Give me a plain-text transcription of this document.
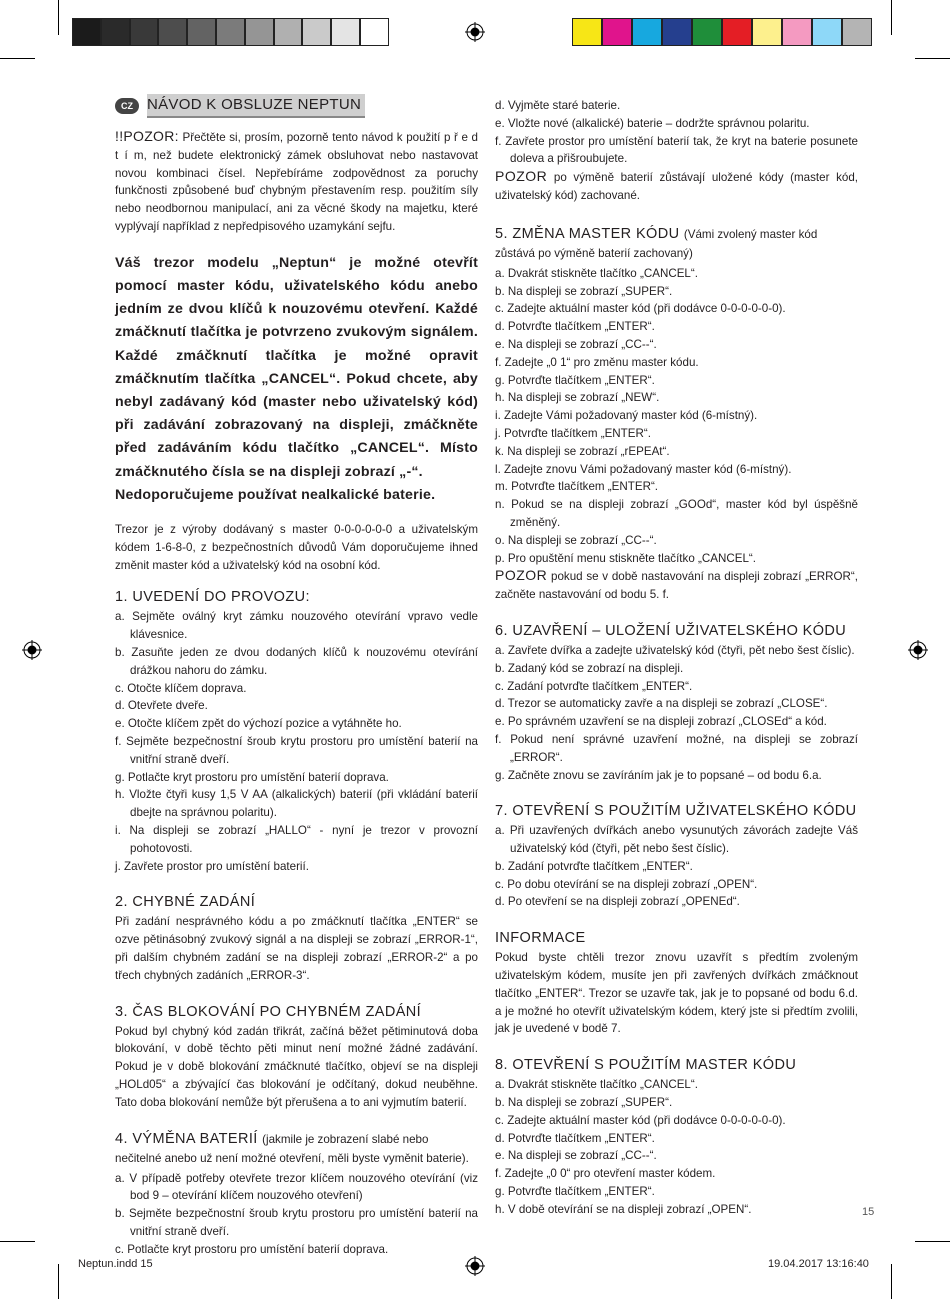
CZ NÁVOD K OBSLUZE NEPTUN

!!POZOR: Přečtěte si, prosím, pozorně tento návod k použití p ř e d t í m, než budete elektronický zámek obsluhovat nebo nastavovat novou kombinaci čísel. Nepřebíráme zodpovědnost za poruchy funkčnosti způsobené buď chybným přestavením resp. použitím síly nebo neodbornou manipulací, ani za věcné škody na majetku, které vyplývají například z nepředpisového uzamykání sejfu.

Váš trezor modelu „Neptun“ je možné otevřít pomocí master kódu, uživatelského kódu anebo jedním ze dvou klíčů k nouzovému otevření. Každé zmáčknutí tlačítka je potvrzeno zvukovým signálem. Každé zmáčknutí tlačítka je možné opravit zmáčknutím tlačítka „CANCEL“. Pokud chcete, aby nebyl zadávaný kód (master nebo uživatelský kód) při zadávání zobrazovaný na displeji, zmáčkněte před zadáváním kódu tlačítko „CANCEL“. Místo zmáčknutého čísla se na displeji zobrazí „-“.

Nedoporučujeme používat nealkalické baterie.

Trezor je z výroby dodávaný s master 0-0-0-0-0-0 a uživatelským kódem 1-6-8-0, z bezpečnostních důvodů Vám doporučujeme ihned změnit master kód a uživatelský kód na osobní kód.

1. UVEDENÍ DO PROVOZU:

a. Sejměte oválný kryt zámku nouzového otevírání vpravo vedle klávesnice.

b. Zasuňte jeden ze dvou dodaných klíčů k nouzovému otevírání drážkou nahoru do zámku.

c. Otočte klíčem doprava.

d. Otevřete dveře.

e. Otočte klíčem zpět do výchozí pozice a vytáhněte ho.

f. Sejměte bezpečnostní šroub krytu prostoru pro umístění baterií na vnitřní straně dveří.

g. Potlačte kryt prostoru pro umístění baterií doprava.

h. Vložte čtyři kusy 1,5 V AA (alkalických) baterií (při vkládání baterií dbejte na správnou polaritu).

i. Na displeji se zobrazí „HALLO“ - nyní je trezor v provozní pohotovosti.

j. Zavřete prostor pro umístění baterií.

2. CHYBNÉ ZADÁNÍ

Při zadání nesprávného kódu a po zmáčknutí tlačítka „ENTER“ se ozve pětinásobný zvukový signál a na displeji se zobrazí „ERROR-1“, při dalším chybném zadání se na displeji zobrazí „ERROR-2“ a po třech chybných zadáních „ERROR-3“.

3. ČAS BLOKOVÁNÍ PO CHYBNÉM ZADÁNÍ

Pokud byl chybný kód zadán třikrát, začíná běžet pětiminutová doba blokování, v době těchto pěti minut není možné žádné zadávání. Pokud je v době blokování zmáčknuté tlačítko, objeví se na displeji „HOLd05“ a zbývající čas blokování je odčítaný, dokud neuběhne. Tato doba blokování nemůže být přerušena a to ani vyjmutím baterií.

4. VÝMĚNA BATERIÍ (jakmile je zobrazení slabé nebo nečitelné anebo už není možné otevření, měli byste vyměnit baterie).

a. V případě potřeby otevřete trezor klíčem nouzového otevírání (viz bod 9 – otevírání klíčem nouzového otevření)

b. Sejměte bezpečnostní šroub krytu prostoru pro umístění baterií na vnitřní straně dveří.

c. Potlačte kryt prostoru pro umístění baterií doprava.

d. Vyjměte staré baterie.

e. Vložte nové (alkalické) baterie – dodržte správnou polaritu.

f. Zavřete prostor pro umístění baterií tak, že kryt na baterie posunete doleva a přišroubujete.

POZOR po výměně baterií zůstávají uložené kódy (master kód, uživatelský kód) zachované.

5. ZMĚNA MASTER KÓDU (Vámi zvolený master kód zůstává po výměně baterií zachovaný)

a. Dvakrát stiskněte tlačítko „CANCEL“.

b. Na displeji se zobrazí „SUPER“.

c. Zadejte aktuální master kód (při dodávce 0-0-0-0-0-0).

d. Potvrďte tlačítkem „ENTER“.

e. Na displeji se zobrazí „CC--“.

f. Zadejte „0 1“ pro změnu master kódu.

g. Potvrďte tlačítkem „ENTER“.

h. Na displeji se zobrazí „NEW“.

i. Zadejte Vámi požadovaný master kód (6-místný).

j. Potvrďte tlačítkem „ENTER“.

k. Na displeji se zobrazí „rEPEAt“.

l. Zadejte znovu Vámi požadovaný master kód (6-místný).

m. Potvrďte tlačítkem „ENTER“.

n. Pokud se na displeji zobrazí „GOOd“, master kód byl úspěšně změněný.

o. Na displeji se zobrazí „CC--“.

p. Pro opuštění menu stiskněte tlačítko „CANCEL“.

POZOR pokud se v době nastavování na displeji zobrazí „ERROR“, začněte nastavování od bodu 5. f.

6. UZAVŘENÍ – ULOŽENÍ UŽIVATELSKÉHO KÓDU

a. Zavřete dvířka a zadejte uživatelský kód (čtyři, pět nebo šest číslic).

b. Zadaný kód se zobrazí na displeji.

c. Zadání potvrďte tlačítkem „ENTER“.

d. Trezor se automaticky zavře a na displeji se zobrazí „CLOSE“.

e. Po správném uzavření se na displeji zobrazí „CLOSEd“ a kód.

f. Pokud není správné uzavření možné, na displeji se zobrazí „ERROR“.

g. Začněte znovu se zavíráním jak je to popsané – od bodu 6.a.

7. OTEVŘENÍ S POUŽITÍM UŽIVATELSKÉHO KÓDU

a. Při uzavřených dvířkách anebo vysunutých závorách zadejte Váš uživatelský kód (čtyři, pět nebo šest číslic).

b. Zadání potvrďte tlačítkem „ENTER“.

c. Po dobu otevírání se na displeji zobrazí „OPEN“.

d. Po otevření se na displeji zobrazí „OPENEd“.

INFORMACE

Pokud byste chtěli trezor znovu uzavřít s předtím zvoleným uživatelským kódem, musíte jen při zavřených dvířkách zmáčknout tlačítko „ENTER“. Trezor se uzavře tak, jak je to popsané od bodu 6.d. a je možné ho otevřít uživatelským kódem, který jste si předtím zvolili, jak je uvedené v bodě 7.

8. OTEVŘENÍ S POUŽITÍM MASTER KÓDU

a. Dvakrát stiskněte tlačítko „CANCEL“.

b. Na displeji se zobrazí „SUPER“.

c. Zadejte aktuální master kód (při dodávce 0-0-0-0-0-0).

d. Potvrďte tlačítkem „ENTER“.

e. Na displeji se zobrazí „CC--“.

f. Zadejte „0 0“ pro otevření master kódem.

g. Potvrďte tlačítkem „ENTER“.

h. V době otevírání se na displeji zobrazí „OPEN“.	15
Neptun.indd 15	19.04.2017 13:16:40
